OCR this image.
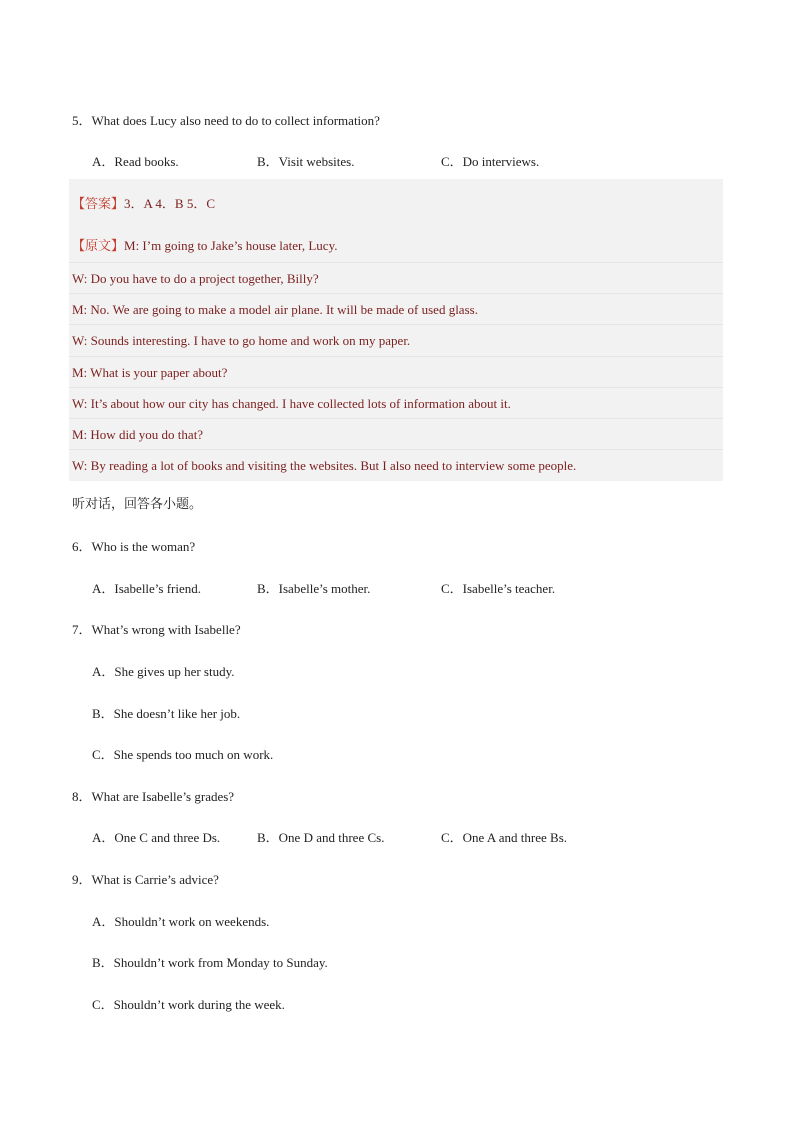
5．What does Lucy also need to do to collect information?
A．Read books.	B．Visit websites.	C．Do interviews.
【答案】3．A 4．B 5．C
【原文】M: I’m going to Jake’s house later, Lucy.
W: Do you have to do a project together, Billy?
M: No. We are going to make a model air plane. It will be made of used glass.
W: Sounds interesting. I have to go home and work on my paper.
M: What is your paper about?
W: It’s about how our city has changed. I have collected lots of information about it.
M: How did you do that?
W: By reading a lot of books and visiting the websites. But I also need to interview some people.
听对话，回答各小题。
6．Who is the woman?
A．Isabelle’s friend.	B．Isabelle’s mother.	C．Isabelle’s teacher.
7．What’s wrong with Isabelle?
A．She gives up her study.
B．She doesn’t like her job.
C．She spends too much on work.
8．What are Isabelle’s grades?
A．One C and three Ds.	B．One D and three Cs.	C．One A and three Bs.
9．What is Carrie’s advice?
A．Shouldn’t work on weekends.
B．Shouldn’t work from Monday to Sunday.
C．Shouldn’t work during the week.
